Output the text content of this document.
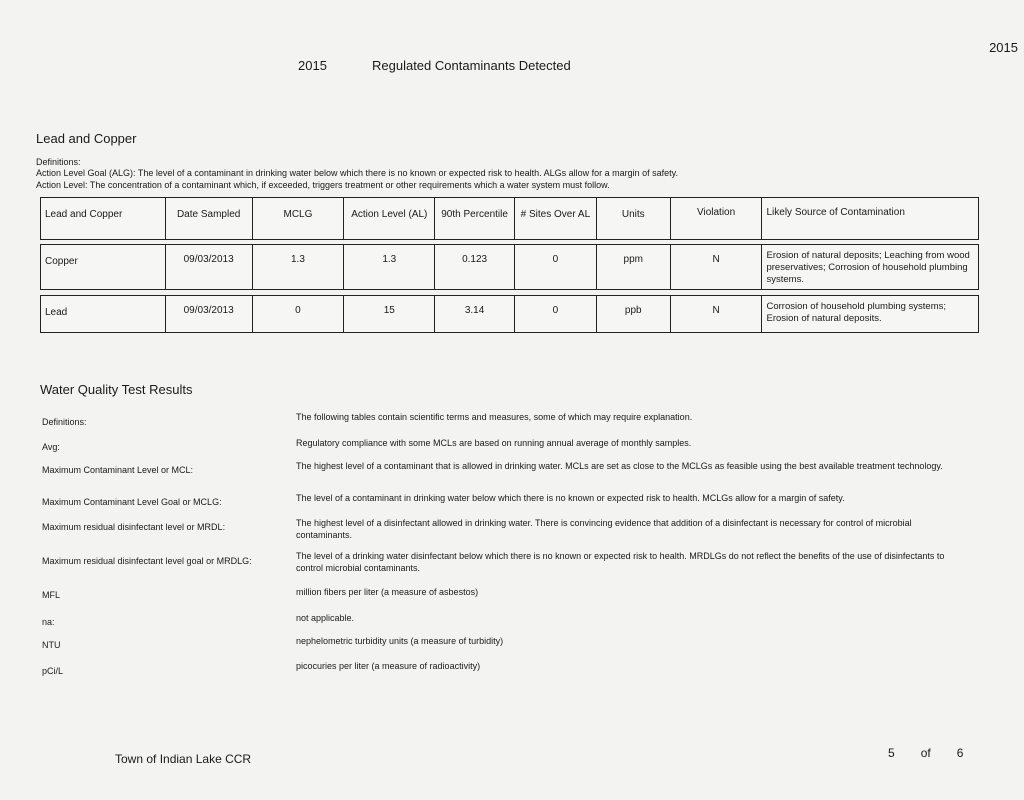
2015
2015	Regulated Contaminants Detected
Lead and Copper
Definitions:
Action Level Goal (ALG): The level of a contaminant in drinking water below which there is no known or expected risk to health. ALGs allow for a margin of safety.
Action Level: The concentration of a contaminant which, if exceeded, triggers treatment or other requirements which a water system must follow.
Lead and Copper	Date Sampled	MCLG	Action Level (AL)	90th Percentile	# Sites Over AL	Units	Violation	Likely Source of Contamination
Copper	09/03/2013	1.3	1.3	0.123	0	ppm	N	Erosion of natural deposits; Leaching from wood preservatives; Corrosion of household plumbing systems.
Lead	09/03/2013	0	15	3.14	0	ppb	N	Corrosion of household plumbing systems; Erosion of natural deposits.
Water Quality Test Results
Definitions:	The following tables contain scientific terms and measures, some of which may require explanation.
Avg:	Regulatory compliance with some MCLs are based on running annual average of monthly samples.
Maximum Contaminant Level or MCL:	The highest level of a contaminant that is allowed in drinking water. MCLs are set as close to the MCLGs as feasible using the best available treatment technology.
Maximum Contaminant Level Goal or MCLG:	The level of a contaminant in drinking water below which there is no known or expected risk to health. MCLGs allow for a margin of safety.
Maximum residual disinfectant level or MRDL:	The highest level of a disinfectant allowed in drinking water. There is convincing evidence that addition of a disinfectant is necessary for control of microbial contaminants.
Maximum residual disinfectant level goal or MRDLG:	The level of a drinking water disinfectant below which there is no known or expected risk to health. MRDLGs do not reflect the benefits of the use of disinfectants to control microbial contaminants.
MFL	million fibers per liter (a measure of asbestos)
na:	not applicable.
NTU	nephelometric turbidity units (a measure of turbidity)
pCi/L	picocuries per liter (a measure of radioactivity)
Town of Indian Lake CCR	5 of 6
